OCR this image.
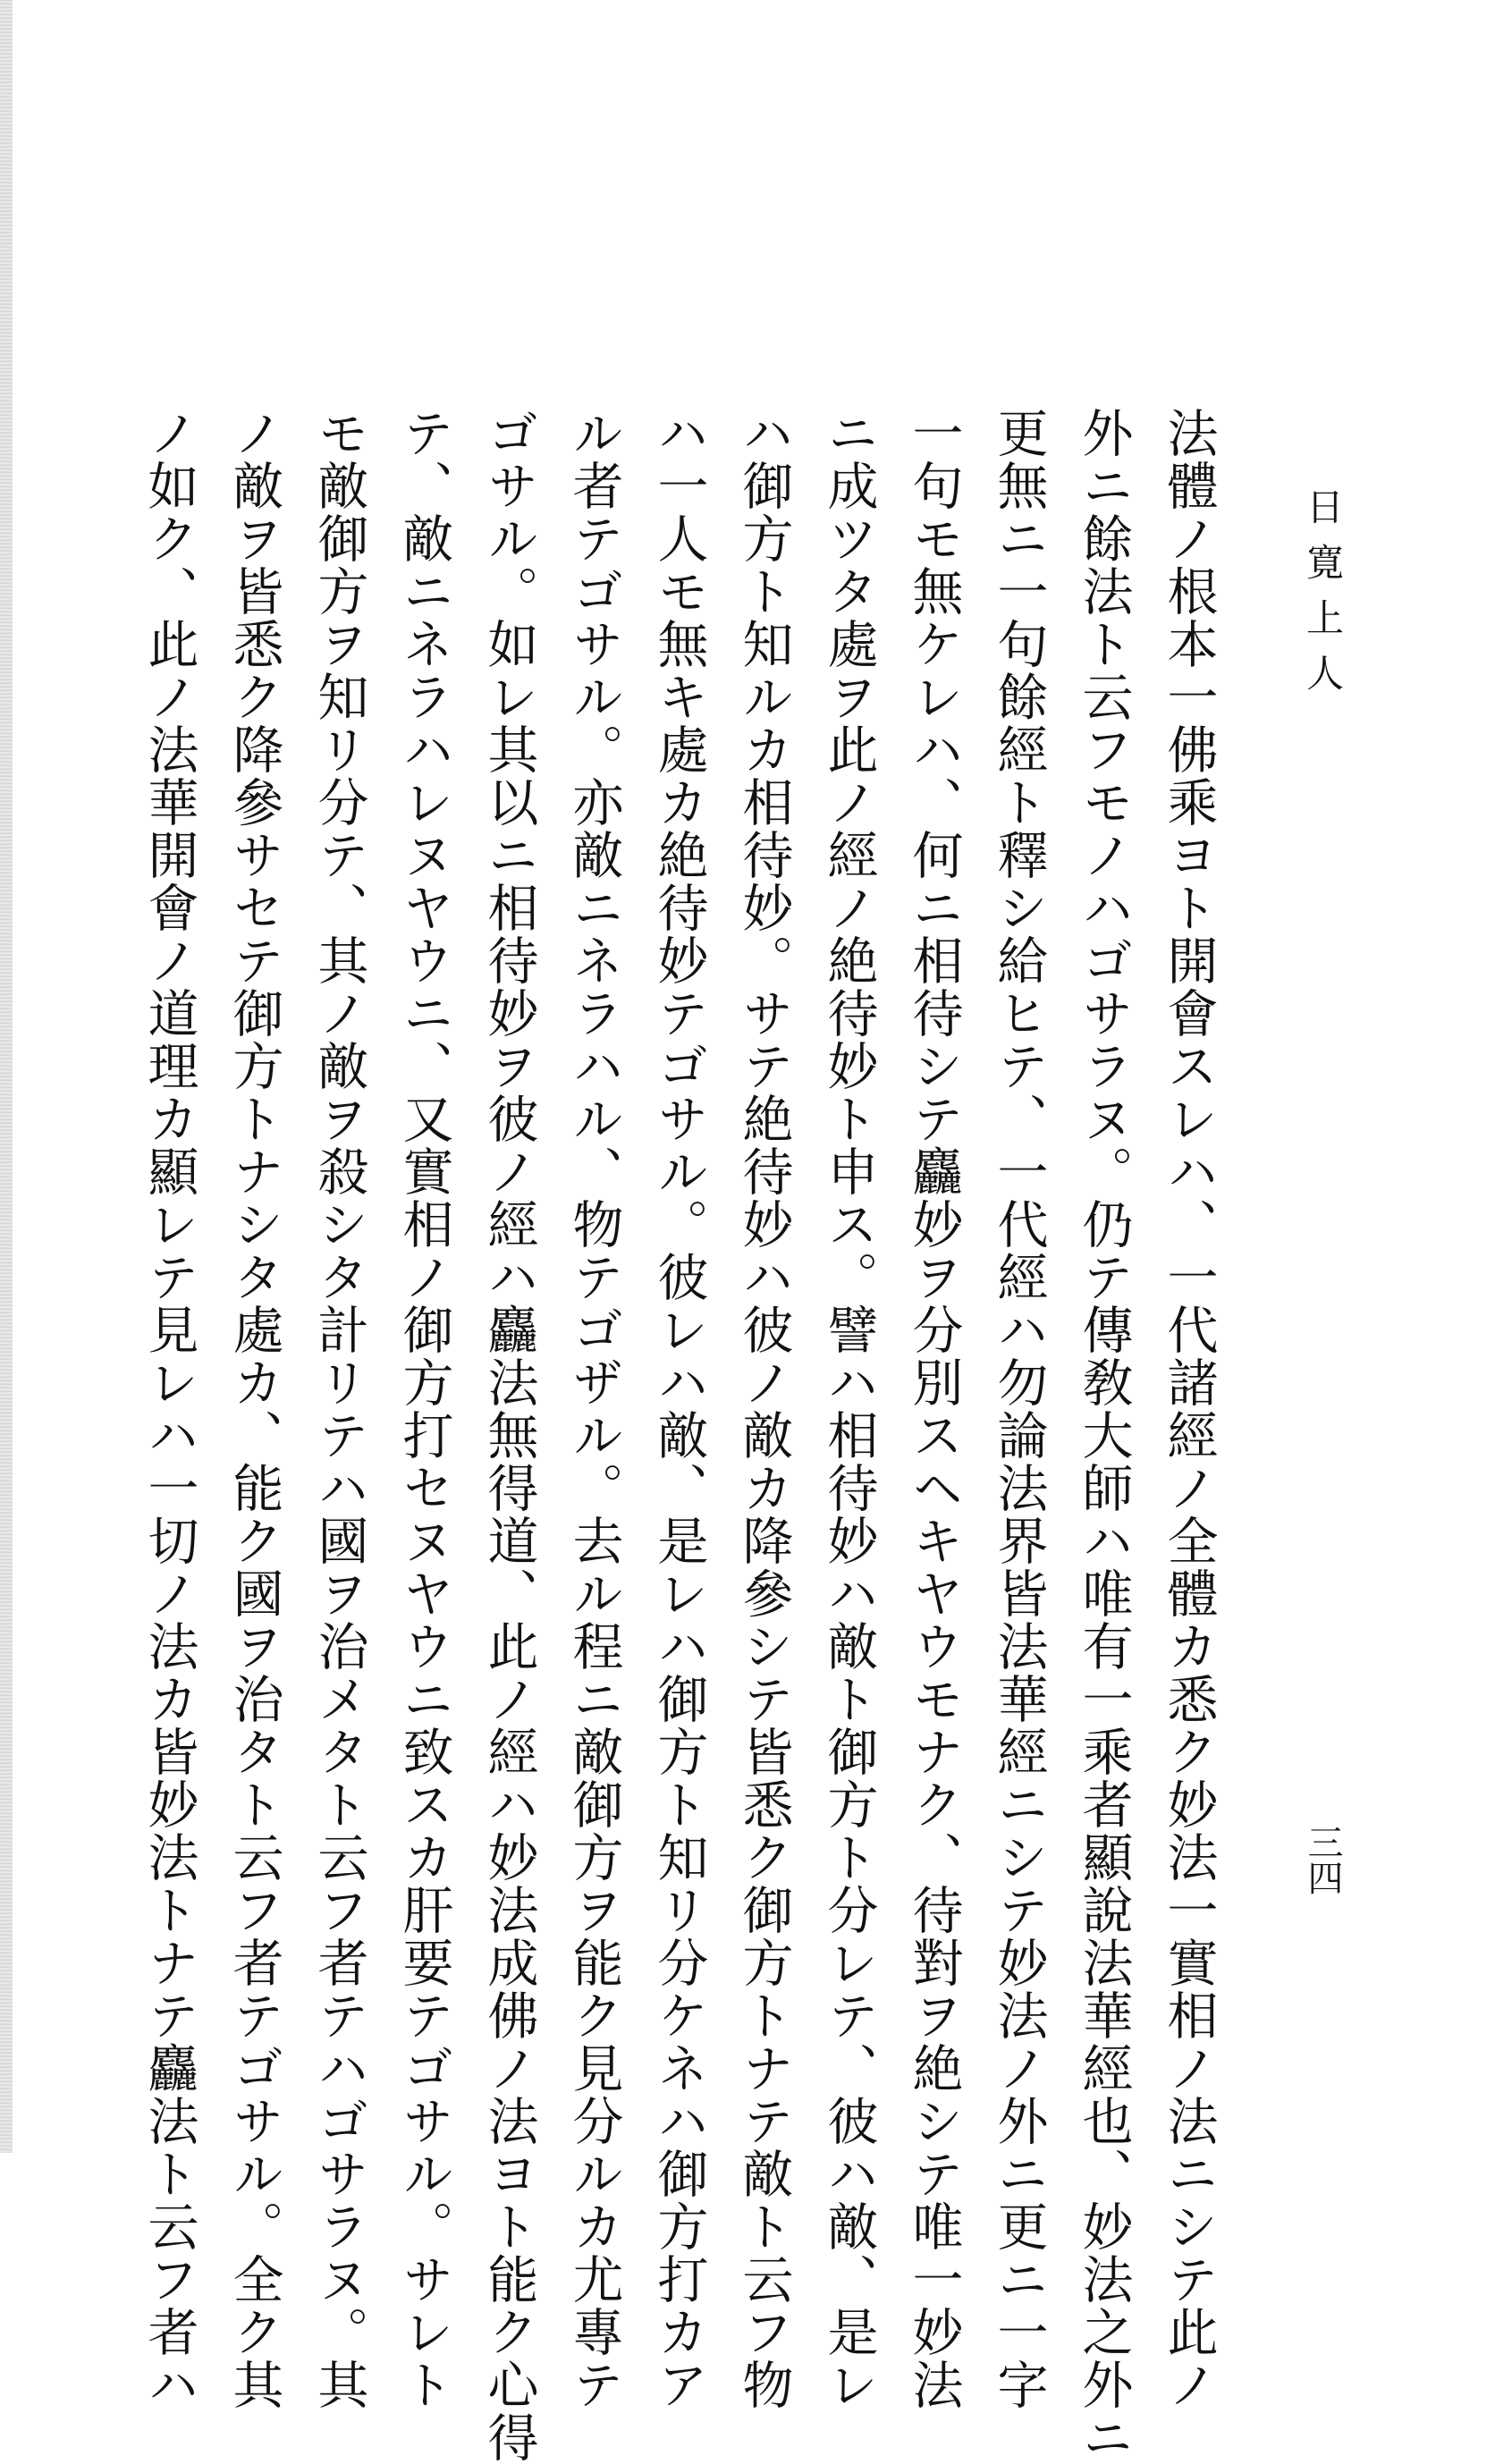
日寛上人
三四
法體ノ根本一佛乘ヨト開會スレハ、一代諸經ノ全體カ悉ク妙法一實相ノ法ニシテ此ノ
外ニ餘法ト云フモノハゴサラヌ。仍テ傳敎大師ハ唯有一乘者顯說法華經也、妙法之外ニ
更無ニ一句餘經ト釋シ給ヒテ、一代經ハ勿論法界皆法華經ニシテ妙法ノ外ニ更ニ一字
一句モ無ケレハ、何ニ相待シテ麤妙ヲ分別スヘキヤウモナク、待對ヲ絶シテ唯一妙法
ニ成ツタ處ヲ此ノ經ノ絶待妙ト申ス。譬ハ相待妙ハ敵ト御方ト分レテ、彼ハ敵、是レ
ハ御方ト知ルカ相待妙。サテ絶待妙ハ彼ノ敵カ降參シテ皆悉ク御方トナテ敵ト云フ物
ハ一人モ無キ處カ絶待妙テゴサル。彼レハ敵、是レハ御方ト知リ分ケネハ御方打カア
ル者テゴサル。亦敵ニネラハル、物テゴザル。去ル程ニ敵御方ヲ能ク見分ルカ尤專テ
ゴサル。如レ其以ニ相待妙ヲ彼ノ經ハ麤法無得道、此ノ經ハ妙法成佛ノ法ヨト能ク心得
テ、敵ニネラハレヌヤウニ、又實相ノ御方打セヌヤウニ致スカ肝要テゴサル。サレト
モ敵御方ヲ知リ分テ、其ノ敵ヲ殺シタ計リテハ國ヲ治メタト云フ者テハゴサラヌ。其
ノ敵ヲ皆悉ク降參サセテ御方トナシタ處カ、能ク國ヲ治タト云フ者テゴサル。全ク其
ノ如ク、此ノ法華開會ノ道理カ顯レテ見レハ一切ノ法カ皆妙法トナテ麤法ト云フ者ハ
